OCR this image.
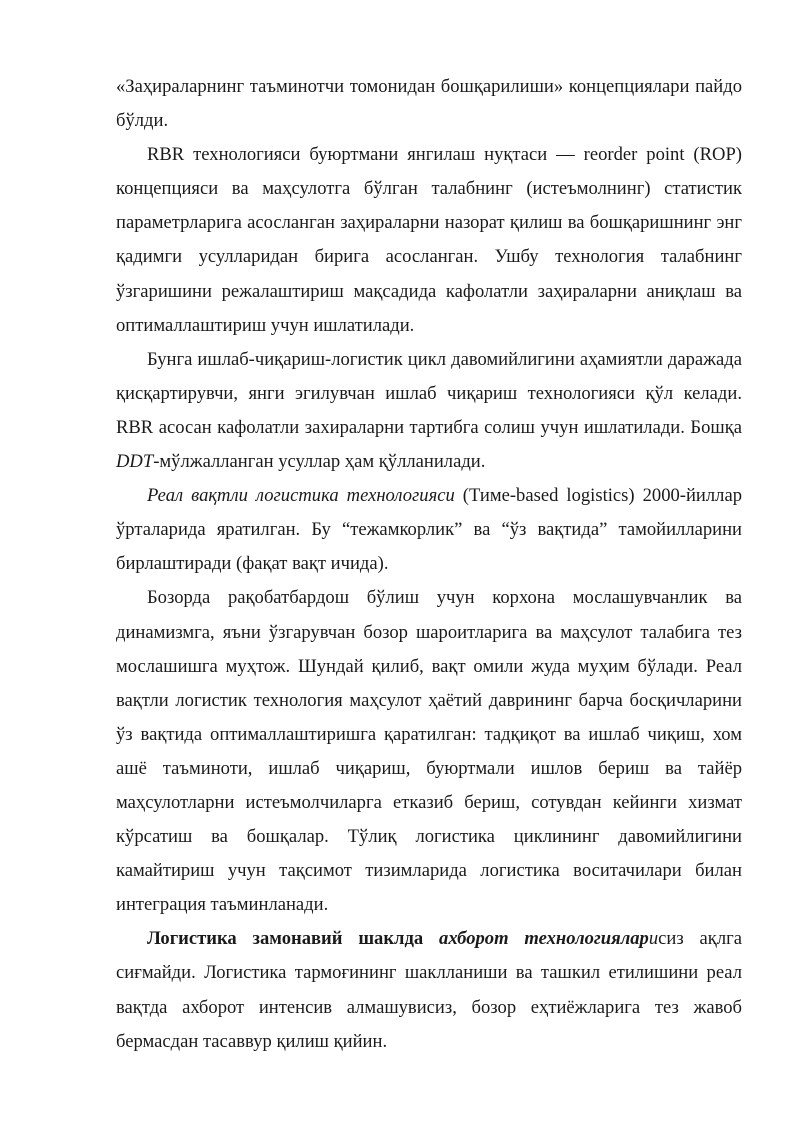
«Заҳираларнинг таъминотчи томонидан бошқарилиши» концепциялари пайдо бўлди.

RBR технологияси буюртмани янгилаш нуқтаси — reorder point (ROP) концепцияси ва маҳсулотга бўлган талабнинг (истеъмолнинг) статистик параметрларига асосланган заҳираларни назорат қилиш ва бошқаришнинг энг қадимги усулларидан бирига асосланган. Ушбу технология талабнинг ўзгаришини режалаштириш мақсадида кафолатли заҳираларни аниқлаш ва оптималлаштириш учун ишлатилади.

Бунга ишлаб-чиқариш-логистик цикл давомийлигини аҳамиятли даражада қисқартирувчи, янги эгилувчан ишлаб чиқариш технологияси қўл келади. RBR асосан кафолатли захираларни тартибга солиш учун ишлатилади. Бошқа DDT-мўлжалланган усуллар ҳам қўлланилади.

Реал вақтли логистика технологияси (Тиме-based logistics) 2000-йиллар ўрталарида яратилган. Бу “тежамкорлик” ва “ўз вақтида” тамойилларини бирлаштиради (фақат вақт ичида).

Бозорда рақобатбардош бўлиш учун корхона мослашувчанлик ва динамизмга, яъни ўзгарувчан бозор шароитларига ва маҳсулот талабига тез мослашишга муҳтож. Шундай қилиб, вақт омили жуда муҳим бўлади. Реал вақтли логистик технология маҳсулот ҳаётий даврининг барча босқичларини ўз вақтида оптималлаштиришга қаратилган: тадқиқот ва ишлаб чиқиш, хом ашё таъминоти, ишлаб чиқариш, буюртмали ишлов бериш ва тайёр маҳсулотларни истеъмолчиларга етказиб бериш, сотувдан кейинги хизмат кўрсатиш ва бошқалар. Тўлиқ логистика циклининг давомийлигини камайтириш учун тақсимот тизимларида логистика воситачилари билан интеграция таъминланади.

Логистика замонавий шаклда ахборот технологияларисиз ақлга сиғмайди. Логистика тармоғининг шаклланиши ва ташкил етилишини реал вақтда ахборот интенсив алмашувисиз, бозор еҳтиёжларига тез жавоб бермасдан тасаввур қилиш қийин.
